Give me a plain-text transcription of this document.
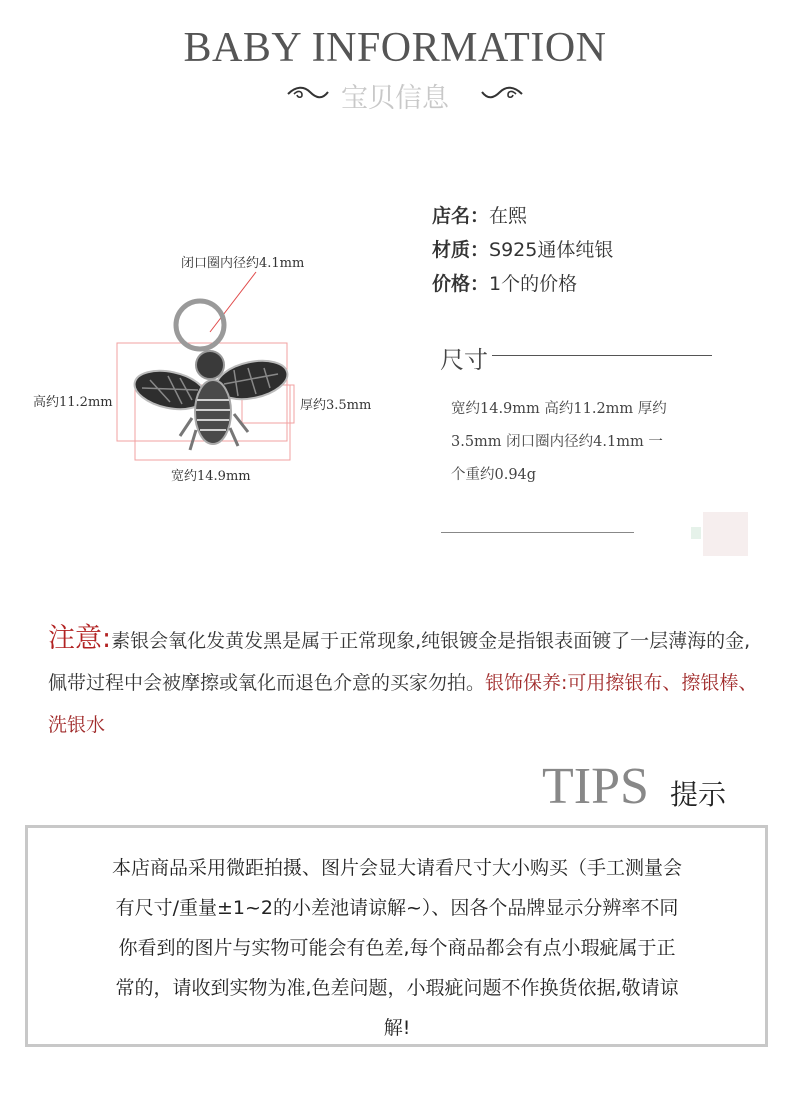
BABY INFORMATION
宝贝信息
闭口圈内径约4.1mm
高约11.2mm	厚约3.5mm
宽约14.9mm
店名：在熙
材质：S925通体纯银
价格：1个的价格
尺寸
宽约14.9mm 高约11.2mm 厚约
3.5mm 闭口圈内径约4.1mm 一
个重约0.94g
注意:素银会氧化发黄发黑是属于正常现象,纯银镀金是指银表面镀了一层薄海的金,佩带过程中会被摩擦或氧化而退色介意的买家勿拍。银饰保养:可用擦银布、擦银棒、洗银水
TIPS 提示
本店商品采用微距拍摄、图片会显大请看尺寸大小购买（手工测量会
有尺寸/重量±1~2的小差池请谅解~）、因各个品牌显示分辨率不同
你看到的图片与实物可能会有色差,每个商品都会有点小瑕疵属于正
常的，请收到实物为准,色差问题，小瑕疵问题不作换货依据,敬请谅
解!
